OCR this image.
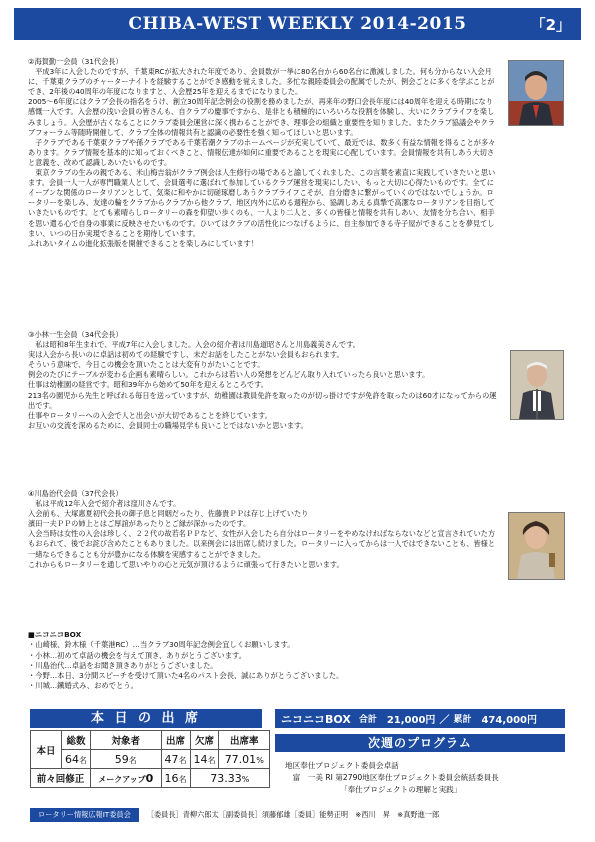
CHIBA-WEST WEEKLY 2014-2015	「2」

②海賀勤一会員（31代会長）

平成3年に入会したのですが、千葉東RCが拡大された年度であり、会員数が一挙に80名台から60名台に激減しました。何も分からない入会月に、千葉東クラブのチャーターナイトを経験することができ感動を覚えました。多忙な親睦委員会の配属でしたが、例会ごとに多くを学ぶことができ、2年後の40周年の年度になりますと、入会歴25年を迎えるまでになりました。

2005～6年度にはクラブ会長の指名をうけ、創立30周年記念例会の役割を務めましたが、再来年の野口会長年度には40周年を迎える時期になり感慨一入です。入会歴の浅い会員の皆さんも、自クラブの慶事ですから、是非とも積極的にいろいろな役割を体験し、大いにクラブライフを楽しみましょう。入会歴が古くなることにクラブ委員会運営に深く携わることができ、理事会の組織と重要性を知りました。またクラブ協議会やクラブフォーラム等随時開催して、クラブ全体の情報共有と認識の必要性を強く知ってほしいと思います。

子クラブである千葉東クラブや孫クラブである千葉若潮クラブのホームページが充実していて、最近では、数多く有益な情報を得ることが多々あります。クラブ情報を基本的に知っておくべきこと、情報伝達が如何に重要であることを現実に心配しています。会員情報を共有しあう大切さと意義を、改めて認識しあいたいものです。

東京クラブの生みの親である、米山梅吉翁がクラブ例会は人生修行の場であると諭してくれました、この言葉を素直に実践していきたいと思います。会員一人一人が専門職業人として、会員選考に選ばれて参加しているクラブ運営を現実にしたい、もっと大切に心得たいものです。全てにイーブンな関係のロータリアンとして、気楽に和やかに切磋琢磨しあうクラブライフこそが、自分磨きに繋がっていくのではないでしょうか。ロータリーを楽しみ、友達の輪をクラブからクラブから他クラブ、地区内外に広める週程から、協調しあえる真摯で高潔なロータリアンを目指していきたいものです。とても素晴らしロータリーの森を仰望い歩くのも、一人より二人と、多くの皆様と情報を共有しあい、友情を分ち合い、相手を思い遣る心で自身の事業に反映させたいものです。ひいてはクラブの活性化につなげるように、自主参加できる寺子屋ができることを夢見てしまい、いつの日か実現できることを期待しています。

ふれあいタイムの進化拡張版を開催できることを楽しみにしています！

③小林一生会員（34代会長）

私は昭和8年生まれで、平成7年に入会しました。入会の紹介者は川島道昭さんと川島義美さんです。

実は入会から長いのに卓話は初めての経験ですし、未だお話をしたことがない会員もおられます。

そういう意味で、今日この機会を頂いたことは大変有りがたいことです。

例会のたびにテーブルが変わる企画も素晴らしい。これからは若い人の発想をどんどん取り入れていったら良いと思います。

仕事は幼稚園の経営です。昭和39年から始めて50年を迎えるところです。

213名の園児から先生と呼ばれる毎日を送っていますが、幼稚園は教員免許を取ったのが切っ掛けですが免許を取ったのは60才になってからの運出です。

仕事やロータリーへの入会で人と出会いが大切であることを終じています。

お互いの交流を深めるために、会員同士の職場見学も良いことではないかと思います。

④川島治代会員（37代会長）

私は平成12年入会で紹介者は窪川さんです。

入会前も、大塚惠夏初代会長の御子息と同姻だったり、佐藤貴ＰＰは存じ上げていたり

濱田一夫ＰＰの姉上とはご厚誼があったりとご縁が深かったのです。

入会当時は女性の入会は珍しく、２２代の故若名ＰＰなど、女性が入会したら自分はロータリーをやめなければならないなどと宣言されていた方もおられて、後でお詫び含めたこともありました。以来例会には出席し続けました。ロータリーに入ってからは一人ではできないことも、皆様と一緒ならできることも分が豊かになる体験を実感することができました。

これからもロータリーを通して思いやりの心と元気が頂けるように頑張って行きたいと思います。

■ニコニコBOX
・山崎様、鈴木様（千葉港RC）…当クラブ30周年記念例会宜しくお願いします。
・小林…初めて卓話の機会を与えて頂き、ありがとうございます。
・川島治代…卓話をお聞き頂きありがとうございました。
・今野…本日、3分間スピーチを受けて頂いた4名のパスト会長、誠にありがとうございました。
・川城…鐵婚式み、おめでとう。
本 日 の 出 席
本日	総数	対象者	出席	欠席	出席率
	64名	59名	47名	14名	77.01%
前々回修正		メークアップ0	16名	73.33%	
ニコニコBOX 合計 21,000円 ／ 累計 474,000円
次週のプログラム
地区奉仕プロジェクト委員会卓話
　富　一美 RI 第2790地区奉仕プロジェクト委員会統括委員長
「奉仕プロジェクトの理解と実践」
ロータリー情報広報IT委員会	［委員長］青柳六郎太［副委員長］須藤郁雄［委員］能勢正明　※西川　昇　※真野進一郎
